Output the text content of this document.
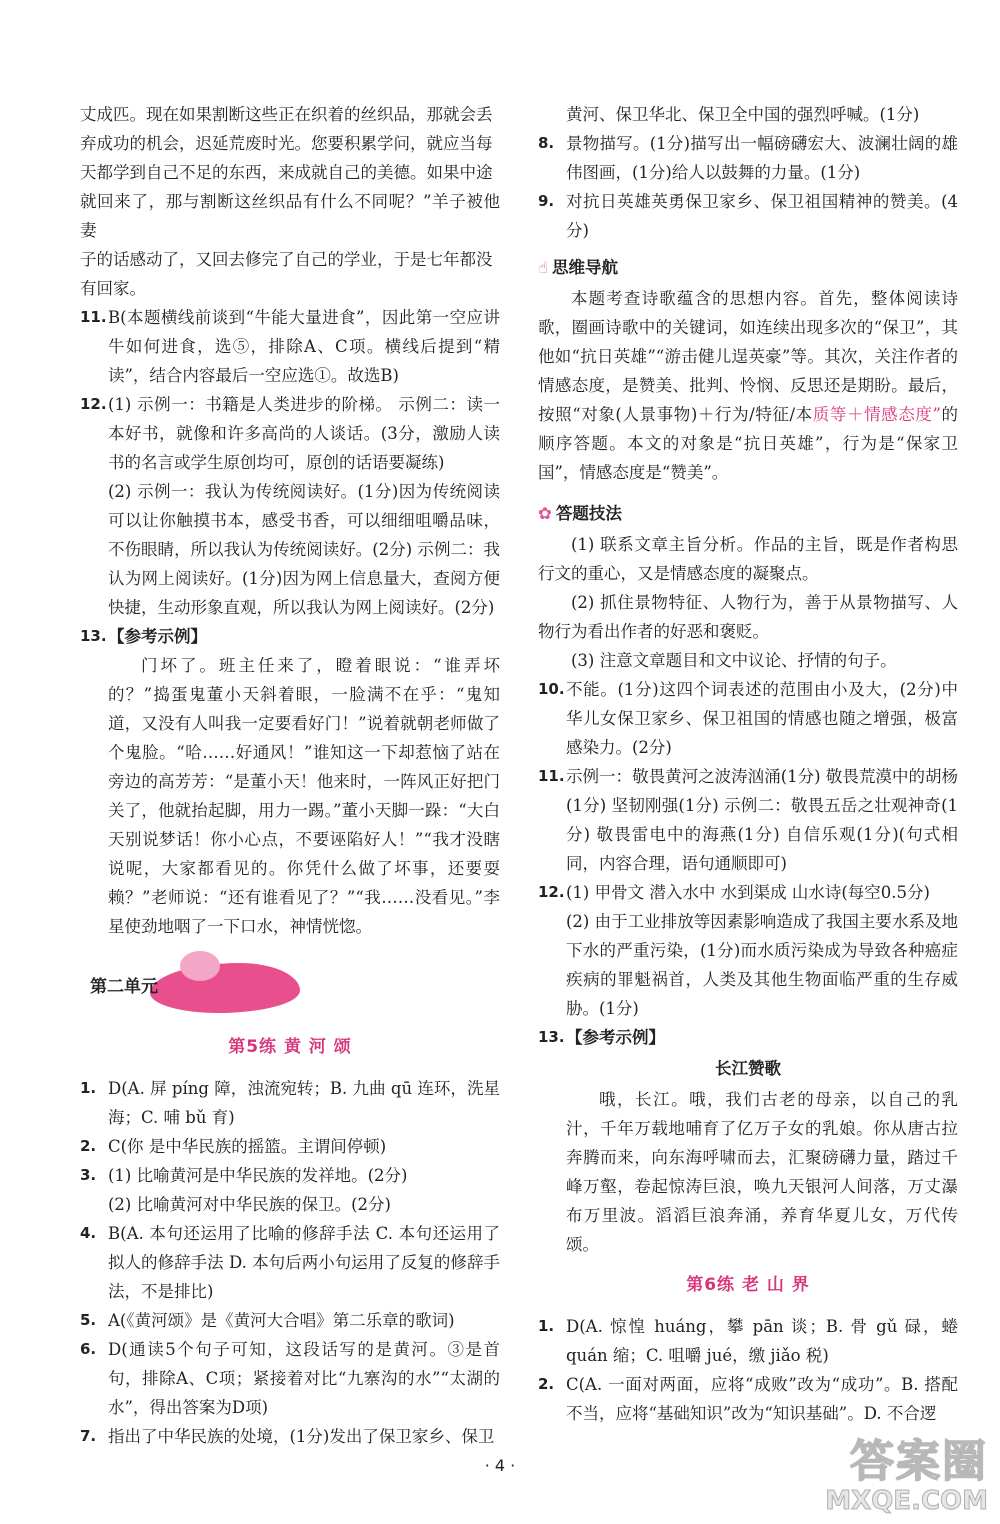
丈成匹。现在如果割断这些正在织着的丝织品，那就会丢

弃成功的机会，迟延荒废时光。您要积累学问，就应当每

天都学到自己不足的东西，来成就自己的美德。如果中途

就回来了，那与割断这丝织品有什么不同呢？”羊子被他妻

子的话感动了，又回去修完了自己的学业，于是七年都没

有回家。

11. B(本题横线前谈到“牛能大量进食”，因此第一空应讲牛如何进食，选⑤，排除A、C项。横线后提到“精读”，结合内容最后一空应选①。故选B)
12. (1) 示例一：书籍是人类进步的阶梯。 示例二：读一本好书，就像和许多高尚的人谈话。(3分，激励人读书的名言或学生原创均可，原创的话语要凝练)
(2) 示例一：我认为传统阅读好。(1分)因为传统阅读可以让你触摸书本，感受书香，可以细细咀嚼品味，不伤眼睛，所以我认为传统阅读好。(2分) 示例二：我认为网上阅读好。(1分)因为网上信息量大，查阅方便快捷，生动形象直观，所以我认为网上阅读好。(2分)
13. 【参考示例】

门坏了。班主任来了，瞪着眼说：“谁弄坏的？”捣蛋鬼董小天斜着眼，一脸满不在乎：“鬼知道，又没有人叫我一定要看好门！”说着就朝老师做了个鬼脸。“哈……好通风！”谁知这一下却惹恼了站在旁边的高芳芳：“是董小天！他来时，一阵风正好把门关了，他就抬起脚，用力一踢。”董小天脚一跺：“大白天别说梦话！你小心点，不要诬陷好人！”“我才没瞎说呢，大家都看见的。你凭什么做了坏事，还要耍赖？”老师说：“还有谁看见了？”“我……没看见。”李星使劲地咽了一下口水，神情恍惚。

第二单元
第5练 黄 河 颂
1. D(A. 屏 píng 障，浊流宛转；B. 九曲 qū 连环，洗星海；C. 哺 bǔ 育)
2. C(你 是中华民族的摇篮。主谓间停顿)
3. (1) 比喻黄河是中华民族的发祥地。(2分)
(2) 比喻黄河对中华民族的保卫。(2分)
4. B(A. 本句还运用了比喻的修辞手法 C. 本句还运用了拟人的修辞手法 D. 本句后两小句运用了反复的修辞手法，不是排比)
5. A(《黄河颂》是《黄河大合唱》第二乐章的歌词)
6. D(通读5个句子可知，这段话写的是黄河。③是首句，排除A、C项；紧接着对比“九寨沟的水”“太湖的水”，得出答案为D项)
7. 指出了中华民族的处境，(1分)发出了保卫家乡、保卫
黄河、保卫华北、保卫全中国的强烈呼喊。(1分)
8. 景物描写。(1分)描写出一幅磅礴宏大、波澜壮阔的雄伟图画，(1分)给人以鼓舞的力量。(1分)
9. 对抗日英雄英勇保卫家乡、保卫祖国精神的赞美。(4分)
☝ 思维导航

本题考查诗歌蕴含的思想内容。首先，整体阅读诗歌，圈画诗歌中的关键词，如连续出现多次的“保卫”，其他如“抗日英雄”“游击健儿逞英豪”等。其次，关注作者的情感态度，是赞美、批判、怜悯、反思还是期盼。最后，按照“对象(人景事物)＋行为/特征/本质等＋情感态度”的顺序答题。本文的对象是“抗日英雄”，行为是“保家卫国”，情感态度是“赞美”。

✿ 答题技法

(1) 联系文章主旨分析。作品的主旨，既是作者构思行文的重心，又是情感态度的凝聚点。

(2) 抓住景物特征、人物行为，善于从景物描写、人物行为看出作者的好恶和褒贬。

(3) 注意文章题目和文中议论、抒情的句子。

10. 不能。(1分)这四个词表述的范围由小及大，(2分)中华儿女保卫家乡、保卫祖国的情感也随之增强，极富感染力。(2分)
11. 示例一：敬畏黄河之波涛汹涌(1分) 敬畏荒漠中的胡杨(1分) 坚韧刚强(1分) 示例二：敬畏五岳之壮观神奇(1分) 敬畏雷电中的海燕(1分) 自信乐观(1分)(句式相同，内容合理，语句通顺即可)
12. (1) 甲骨文 潜入水中 水到渠成 山水诗(每空0.5分)
(2) 由于工业排放等因素影响造成了我国主要水系及地下水的严重污染，(1分)而水质污染成为导致各种癌症疾病的罪魁祸首，人类及其他生物面临严重的生存威胁。(1分)
13. 【参考示例】
长江赞歌

哦，长江。哦，我们古老的母亲，以自己的乳汁，千年万载地哺育了亿万子女的乳娘。你从唐古拉奔腾而来，向东海呼啸而去，汇聚磅礴力量，踏过千峰万壑，卷起惊涛巨浪，唤九天银河人间落，万丈瀑布万里波。滔滔巨浪奔涌，养育华夏儿女，万代传颂。

第6练 老 山 界
1. D(A. 惊惶 huáng，攀 pān 谈；B. 骨 gǔ 碌，蜷 quán 缩；C. 咀嚼 jué，缴 jiǎo 税)
2. C(A. 一面对两面，应将“成败”改为“成功”。B. 搭配不当，应将“基础知识”改为“知识基础”。D. 不合逻
· 4 ·	答案圈
MXQE.COM
